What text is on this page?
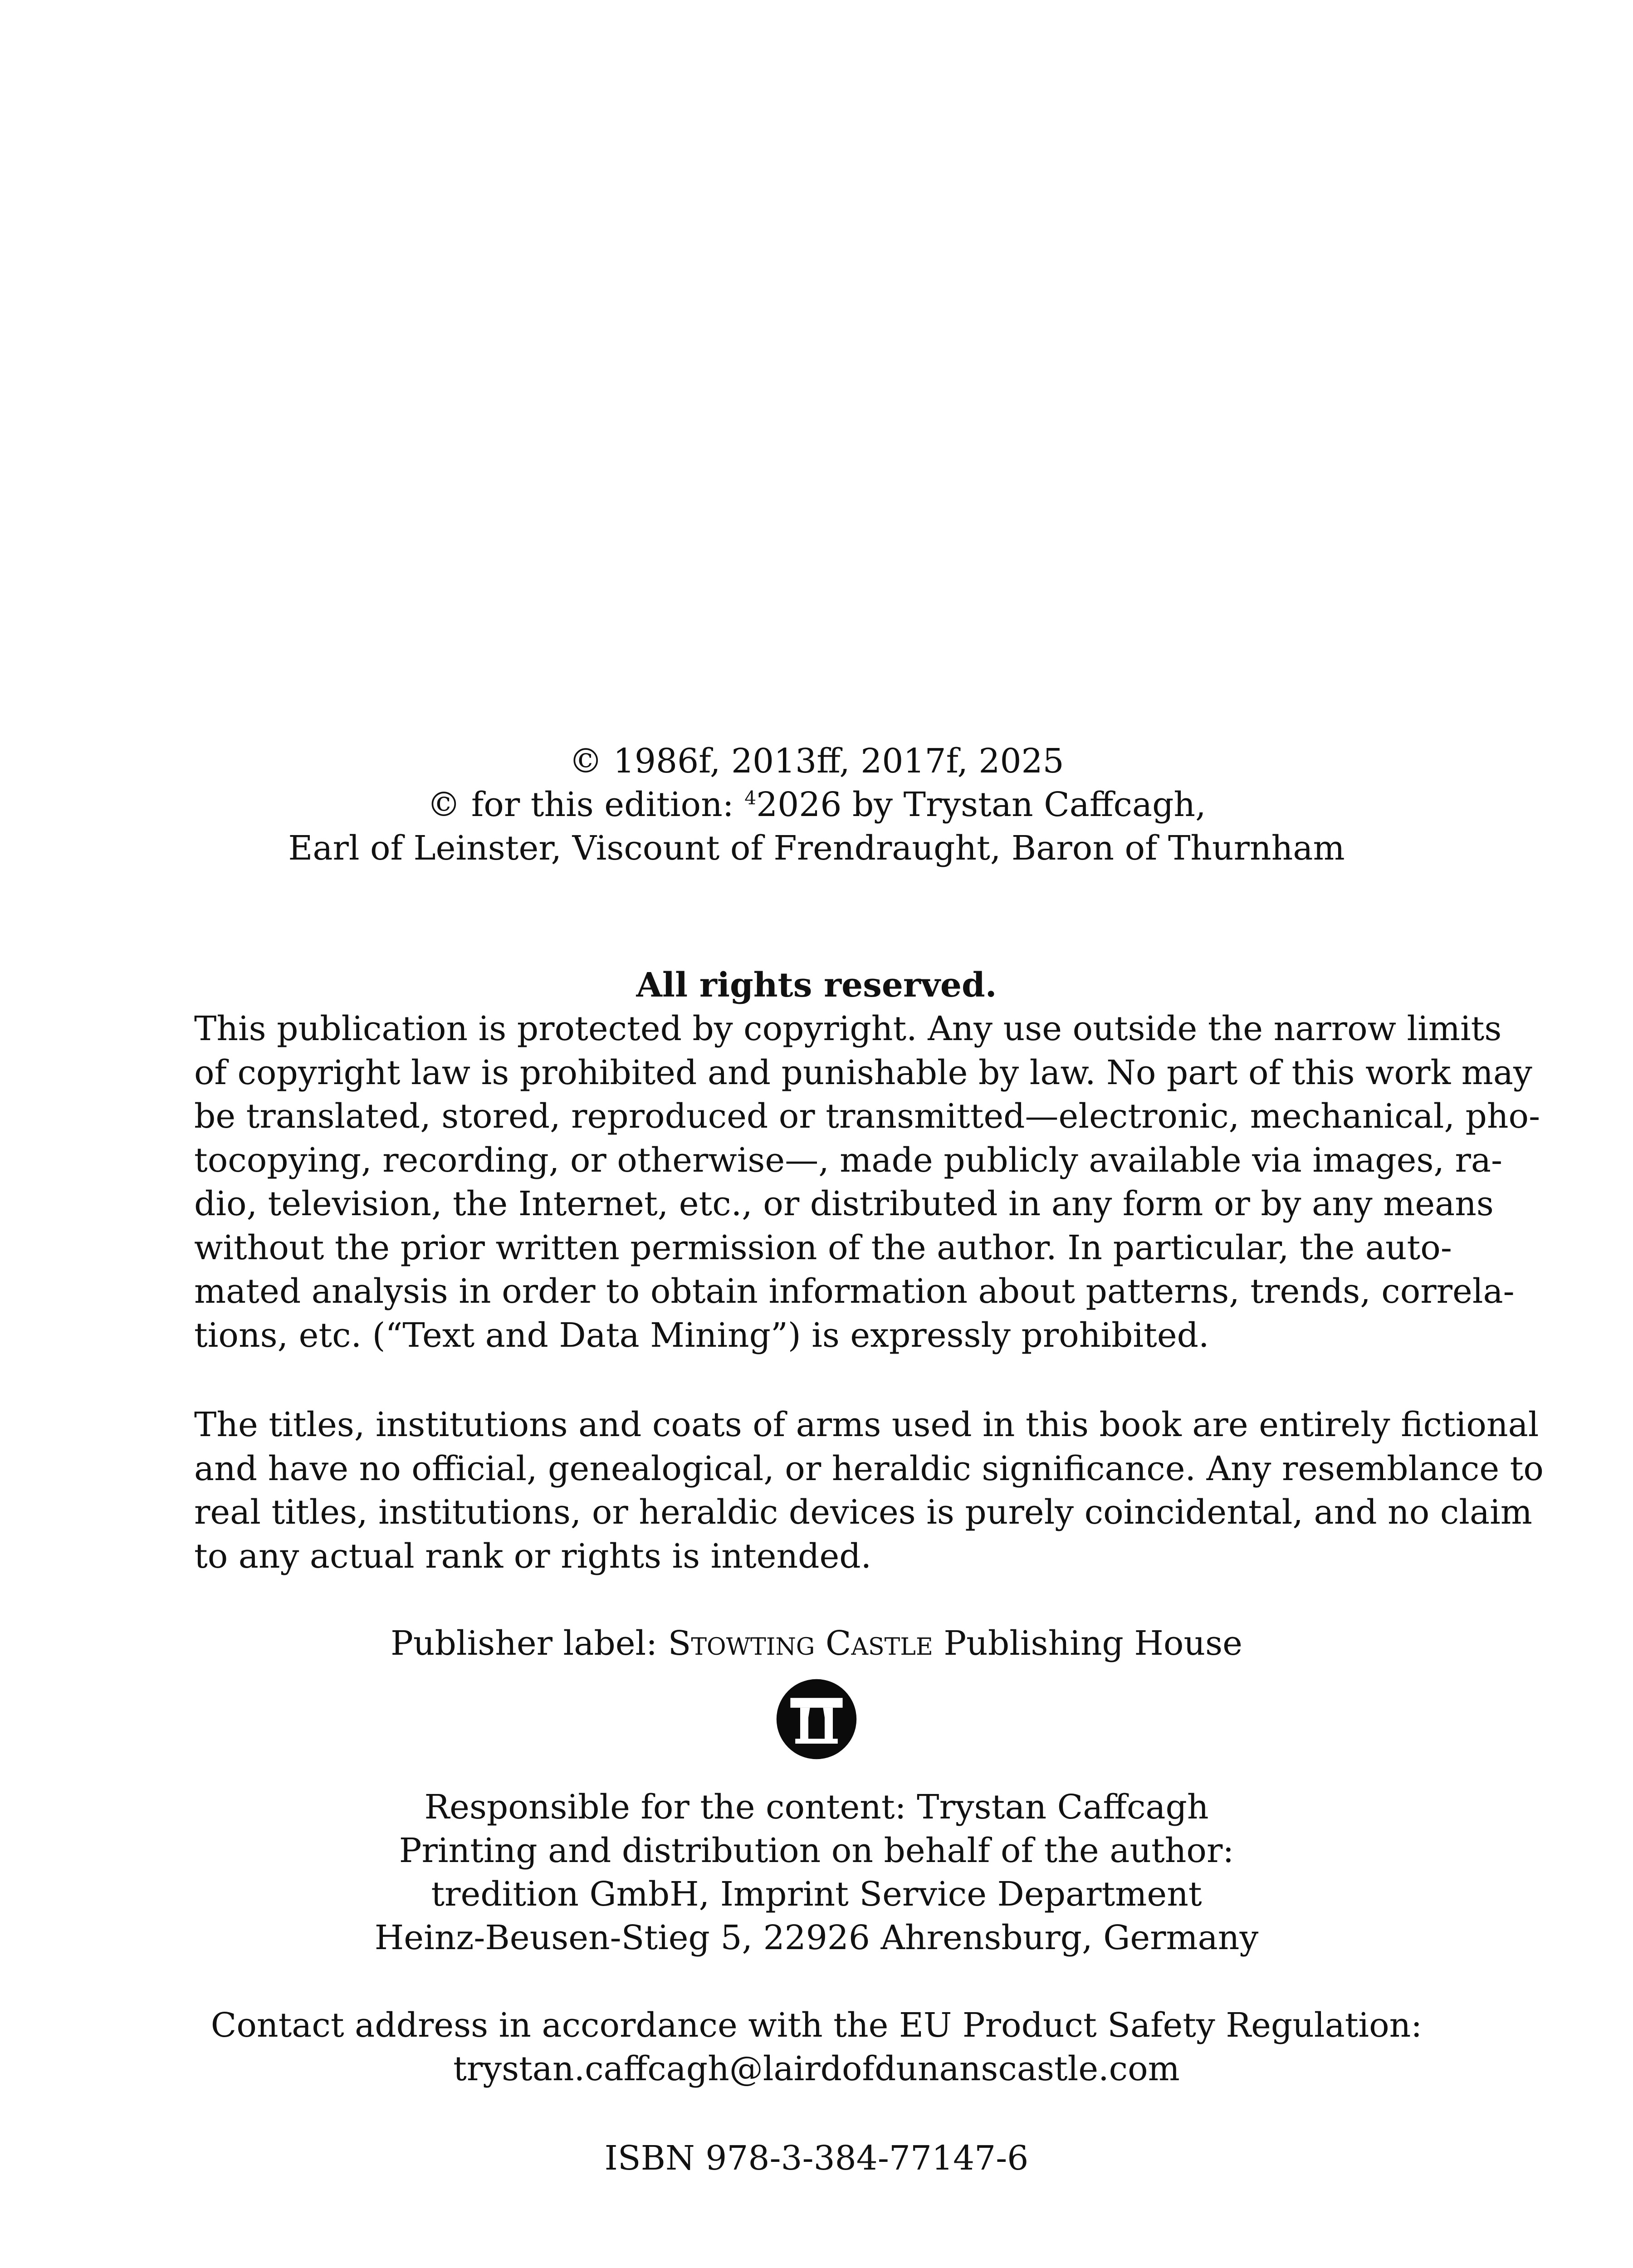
© 1986f, 2013ff, 2017f, 2025
© for this edition: $^4$2026 by Trystan Caffcagh,
Earl of Leinster, Viscount of Frendraught, Baron of Thurnham
All rights reserved.
This publication is protected by copyright. Any use outside the narrow limits
of copyright law is prohibited and punishable by law. No part of this work may
be translated, stored, reproduced or transmitted—electronic, mechanical, pho-
tocopying, recording, or otherwise—, made publicly available via images, ra-
dio, television, the Internet, etc., or distributed in any form or by any means
without the prior written permission of the author. In particular, the auto-
mated analysis in order to obtain information about patterns, trends, correla-
tions, etc. (“Text and Data Mining”) is expressly prohibited.
The titles, institutions and coats of arms used in this book are entirely fictional
and have no official, genealogical, or heraldic significance. Any resemblance to
real titles, institutions, or heraldic devices is purely coincidental, and no claim
to any actual rank or rights is intended.
Publisher label: Stowting Castle Publishing House
Responsible for the content: Trystan Caffcagh
Printing and distribution on behalf of the author:
tredition GmbH, Imprint Service Department
Heinz-Beusen-Stieg 5, 22926 Ahrensburg, Germany
Contact address in accordance with the EU Product Safety Regulation:
trystan.caffcagh@lairdofdunanscastle.com
ISBN 978-3-384-77147-6
